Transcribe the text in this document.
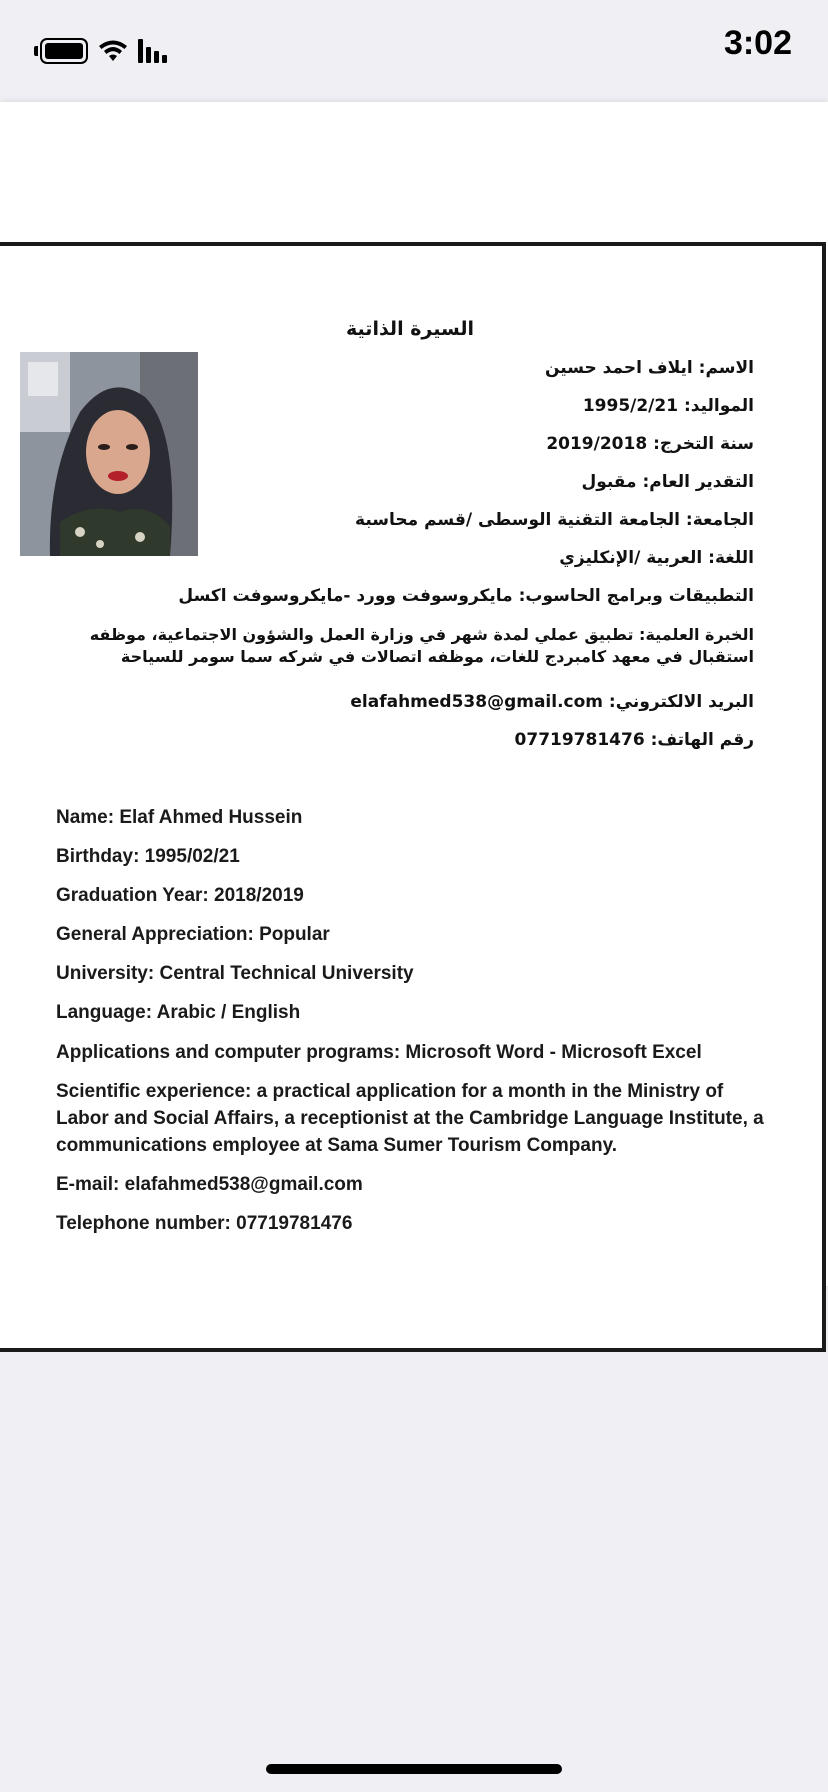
3:02
السيرة الذاتية
الاسم: ايلاف احمد حسين
المواليد: 1995/2/21
سنة التخرج: 2019/2018
التقدير العام: مقبول
الجامعة: الجامعة التقنية الوسطى /قسم محاسبة
اللغة: العربية /الإنكليزي
التطبيقات وبرامج الحاسوب: مايكروسوفت وورد -مايكروسوفت اكسل
الخبرة العلمية: تطبيق عملي لمدة شهر في وزارة العمل والشؤون الاجتماعية، موظفه استقبال في معهد كامبردج للغات، موظفه اتصالات في شركه سما سومر للسياحة
البريد الالكتروني: elafahmed538@gmail.com
رقم الهاتف: 07719781476
Name: Elaf Ahmed Hussein
Birthday: 1995/02/21
Graduation Year: 2018/2019
General Appreciation: Popular
University: Central Technical University
Language: Arabic / English
Applications and computer programs: Microsoft Word - Microsoft Excel
Scientific experience: a practical application for a month in the Ministry of Labor and Social Affairs, a receptionist at the Cambridge Language Institute, a communications employee at Sama Sumer Tourism Company.
E-mail: elafahmed538@gmail.com
Telephone number: 07719781476
